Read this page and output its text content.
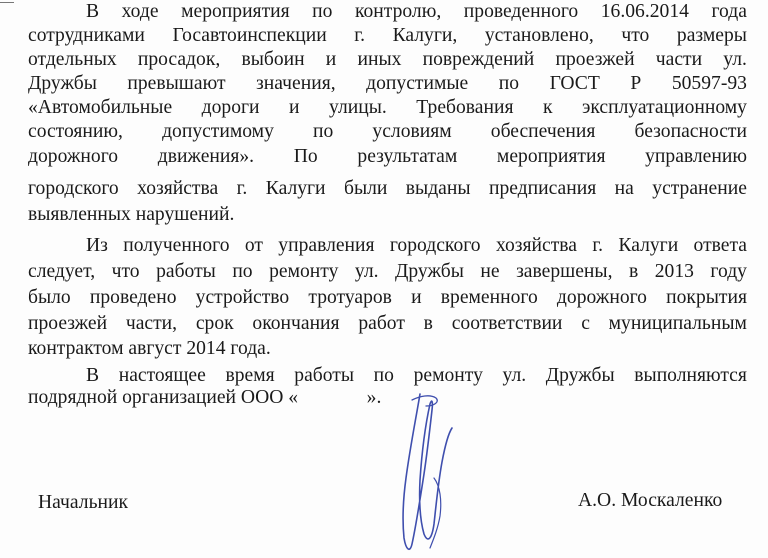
В ходе мероприятия по контролю, проведенного 16.06.2014 года
сотрудниками Госавтоинспекции г. Калуги, установлено, что размеры
отдельных просадок, выбоин и иных повреждений проезжей части ул.
Дружбы превышают значения, допустимые по ГОСТ Р 50597-93
«Автомобильные дороги и улицы. Требования к эксплуатационному
состоянию, допустимому по условиям обеспечения безопасности
дорожного движения». По результатам мероприятия управлению
городского хозяйства г. Калуги были выданы предписания на устранение
выявленных нарушений.
Из полученного от управления городского хозяйства г. Калуги ответа
следует, что работы по ремонту ул. Дружбы не завершены, в 2013 году
было проведено устройство тротуаров и временного дорожного покрытия
проезжей части, срок окончания работ в соответствии с муниципальным
контрактом август 2014 года.
В настоящее время работы по ремонту ул. Дружбы выполняются
подрядной организацией ООО «              ».
Начальник	А.О. Москаленко
